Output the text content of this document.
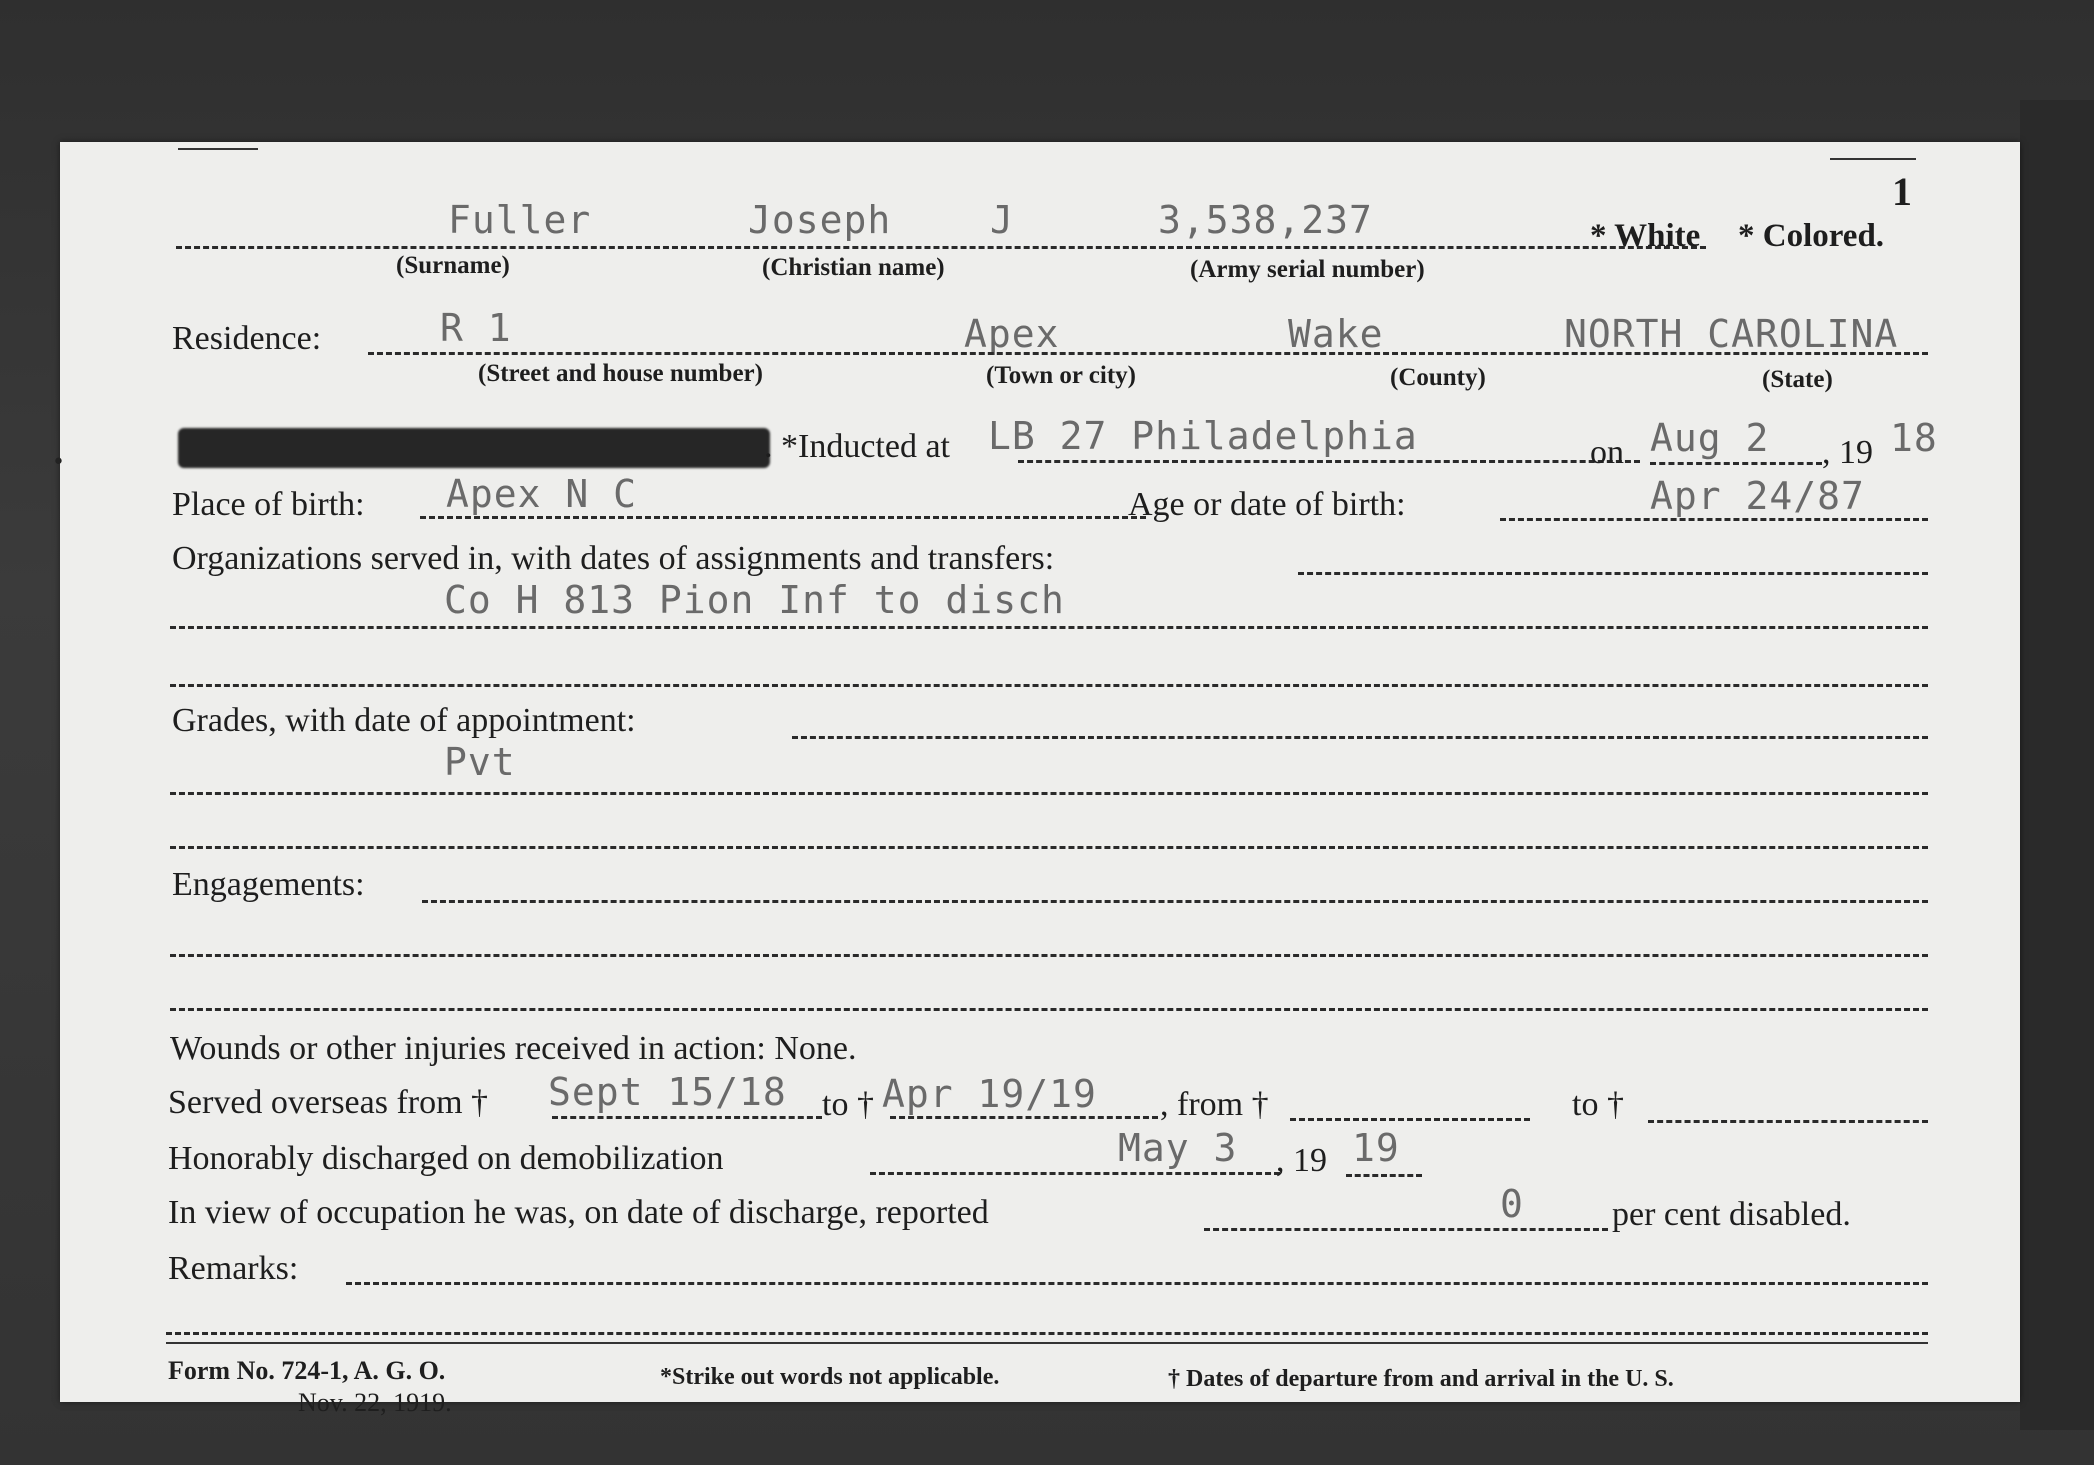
1
Fuller	Joseph	J	3,538,237	* White * Colored.
(Surname)	(Christian name)	(Army serial number)
Residence:	R 1	Apex	Wake	NORTH CAROLINA
(Street and house number)	(Town or city)	(County)	(State)
•	. *Inducted at LB 27 Philadelphia	on Aug 2 , 19 18
Place of birth: Apex N C	Age or date of birth:	Apr 24/87
Organizations served in, with dates of assignments and transfers:
Co H 813 Pion Inf to disch
Grades, with date of appointment:
Pvt
Engagements:
Wounds or other injuries received in action: None.
Served overseas from † Sept 15/18 to † Apr 19/19 , from †	to †
Honorably discharged on demobilization	May 3 , 19 19
In view of occupation he was, on date of discharge, reported	0	per cent disabled.
Remarks:
Form No. 724-1, A. G. O.
Nov. 22, 1919.
*Strike out words not applicable.	† Dates of departure from and arrival in the U. S.
